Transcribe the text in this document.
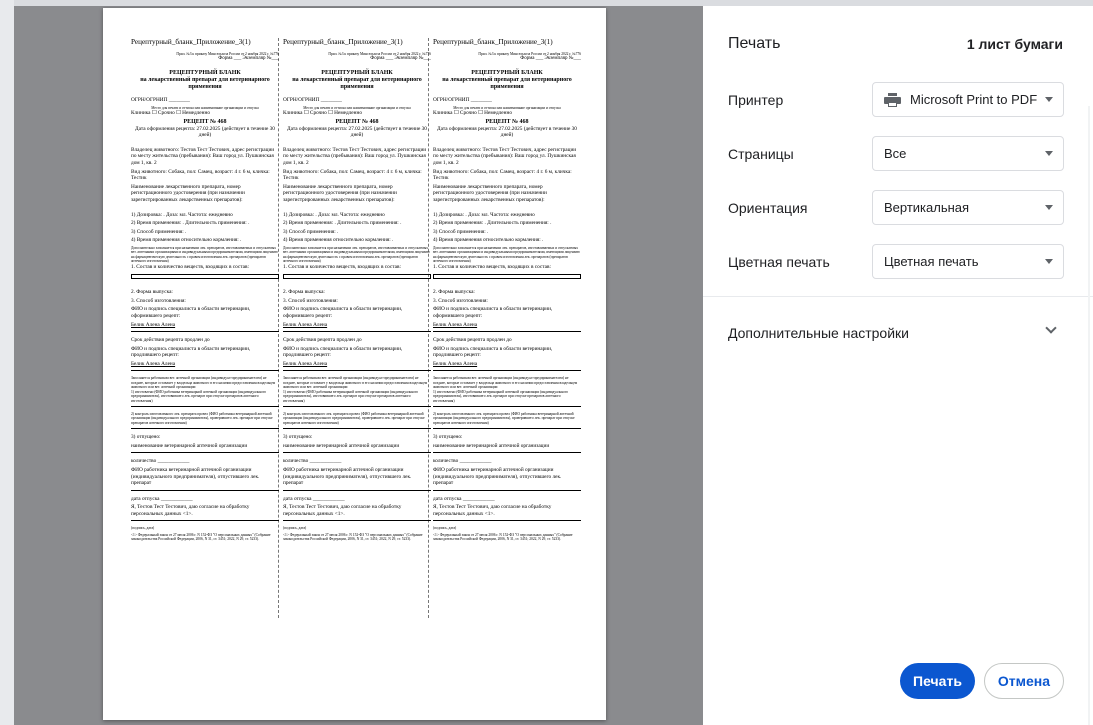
Рецептурный_бланк_Приложение_3(1)
Прил. №3 к приказу Минсельхоза России от 2 ноября 2022 г. №776
Форма ___ Экземпляр №___
РЕЦЕПТУРНЫЙ БЛАНК
на лекарственный препарат для ветеринарного применения

ОГРН/ОГРНИП ________

Место для печати и оттиска или наименование организации и отпуска

Клиника ☐ Срочно ☐ Немедленно

РЕЦЕПТ № 468

Дата оформления рецепта: 27.02.2025 (действует в течение 30 дней)

Владелец животного: Тестов Тест Тестович, адрес регистрации по месту жительства (пребывания): Ваш город ул. Пушкинская дом 1, кв. 2

Вид животного: Собака, пол: Самец, возраст: 4 г. 6 м, кличка: Тестик

Наименование лекарственного препарата, номер регистрационного удостоверения (при назначении зарегистрированных лекарственных препаратов):

1) Дозировка: . Доза: мл. Частота: ежедневно

2) Время применения: . Длительность применения: .

3) Способ применения: .

4) Время применения относительно кормления: .

Дополнительно заполняется при назначении лек. препаратов, изготавливаемых и отпускаемых вет. аптечными организациями и индивидуальными предпринимателями, имеющими лицензию на фармацевтическую деятельность с правом изготовления лек. препаратов (препаратов аптечного изготовления)

1. Состав и количество веществ, входящих в состав:

2. Форма выпуска:

3. Способ изготовления:

ФИО и подпись специалиста в области ветеринарии, оформившего рецепт:

Белик Алена Алена

Срок действия рецепта продлен до

ФИО и подпись специалиста в области ветеринарии, продлившего рецепт:

Белик Алена Алена

Заполняется работником вет. аптечной организации (индивидуал-предпринимателем) не позднее, которые оставляет у владельца животного в его наличии предоставления владельцем животного или вет. аптечной организации:

1) изготовлено (ФИО работника ветеринарной аптечной организации (индивидуального предпринимателя), изготовившего лек. препарат при отпуске препаратов аптечного изготовления)

2) контроль изготовленного лек. препарата провел (ФИО работника ветеринарной аптечной организации (индивидуального предпринимателя), проверившего лек. препарат при отпуске препаратов аптечного изготовления)

3) отпущено:

наименование ветеринарной аптечной организации

количество ____________

ФИО работника ветеринарной аптечной организации (индивидуального предпринимателя), отпустившего лек. препарат

дата отпуска ____________

Я, Тестов Тест Тестович, даю согласие на обработку персональных данных <1>.

(подпись, дата)

<1> Федеральный закон от 27 июля 2006 г. N 152-ФЗ "О персональных данных" (Собрание законодательства Российской Федерации, 2006, N 31, ст. 3451; 2022, N 29, ст. 5233).

Рецептурный_бланк_Приложение_3(1)
Прил. №3 к приказу Минсельхоза России от 2 ноября 2022 г. №776
Форма ___ Экземпляр №___
РЕЦЕПТУРНЫЙ БЛАНК
на лекарственный препарат для ветеринарного применения

ОГРН/ОГРНИП ________

Место для печати и оттиска или наименование организации и отпуска

Клиника ☐ Срочно ☐ Немедленно

РЕЦЕПТ № 468

Дата оформления рецепта: 27.02.2025 (действует в течение 30 дней)

Владелец животного: Тестов Тест Тестович, адрес регистрации по месту жительства (пребывания): Ваш город ул. Пушкинская дом 1, кв. 2

Вид животного: Собака, пол: Самец, возраст: 4 г. 6 м, кличка: Тестик

Наименование лекарственного препарата, номер регистрационного удостоверения (при назначении зарегистрированных лекарственных препаратов):

1) Дозировка: . Доза: мл. Частота: ежедневно

2) Время применения: . Длительность применения: .

3) Способ применения: .

4) Время применения относительно кормления: .

Дополнительно заполняется при назначении лек. препаратов, изготавливаемых и отпускаемых вет. аптечными организациями и индивидуальными предпринимателями, имеющими лицензию на фармацевтическую деятельность с правом изготовления лек. препаратов (препаратов аптечного изготовления)

1. Состав и количество веществ, входящих в состав:

2. Форма выпуска:

3. Способ изготовления:

ФИО и подпись специалиста в области ветеринарии, оформившего рецепт:

Белик Алена Алена

Срок действия рецепта продлен до

ФИО и подпись специалиста в области ветеринарии, продлившего рецепт:

Белик Алена Алена

Заполняется работником вет. аптечной организации (индивидуал-предпринимателем) не позднее, которые оставляет у владельца животного в его наличии предоставления владельцем животного или вет. аптечной организации:

1) изготовлено (ФИО работника ветеринарной аптечной организации (индивидуального предпринимателя), изготовившего лек. препарат при отпуске препаратов аптечного изготовления)

2) контроль изготовленного лек. препарата провел (ФИО работника ветеринарной аптечной организации (индивидуального предпринимателя), проверившего лек. препарат при отпуске препаратов аптечного изготовления)

3) отпущено:

наименование ветеринарной аптечной организации

количество ____________

ФИО работника ветеринарной аптечной организации (индивидуального предпринимателя), отпустившего лек. препарат

дата отпуска ____________

Я, Тестов Тест Тестович, даю согласие на обработку персональных данных <1>.

(подпись, дата)

<1> Федеральный закон от 27 июля 2006 г. N 152-ФЗ "О персональных данных" (Собрание законодательства Российской Федерации, 2006, N 31, ст. 3451; 2022, N 29, ст. 5233).

Рецептурный_бланк_Приложение_3(1)
Прил. №3 к приказу Минсельхоза России от 2 ноября 2022 г. №776
Форма ___ Экземпляр №___
РЕЦЕПТУРНЫЙ БЛАНК
на лекарственный препарат для ветеринарного применения

ОГРН/ОГРНИП ________

Место для печати и оттиска или наименование организации и отпуска

Клиника ☐ Срочно ☐ Немедленно

РЕЦЕПТ № 468

Дата оформления рецепта: 27.02.2025 (действует в течение 30 дней)

Владелец животного: Тестов Тест Тестович, адрес регистрации по месту жительства (пребывания): Ваш город ул. Пушкинская дом 1, кв. 2

Вид животного: Собака, пол: Самец, возраст: 4 г. 6 м, кличка: Тестик

Наименование лекарственного препарата, номер регистрационного удостоверения (при назначении зарегистрированных лекарственных препаратов):

1) Дозировка: . Доза: мл. Частота: ежедневно

2) Время применения: . Длительность применения: .

3) Способ применения: .

4) Время применения относительно кормления: .

Дополнительно заполняется при назначении лек. препаратов, изготавливаемых и отпускаемых вет. аптечными организациями и индивидуальными предпринимателями, имеющими лицензию на фармацевтическую деятельность с правом изготовления лек. препаратов (препаратов аптечного изготовления)

1. Состав и количество веществ, входящих в состав:

2. Форма выпуска:

3. Способ изготовления:

ФИО и подпись специалиста в области ветеринарии, оформившего рецепт:

Белик Алена Алена

Срок действия рецепта продлен до

ФИО и подпись специалиста в области ветеринарии, продлившего рецепт:

Белик Алена Алена

Заполняется работником вет. аптечной организации (индивидуал-предпринимателем) не позднее, которые оставляет у владельца животного в его наличии предоставления владельцем животного или вет. аптечной организации:

1) изготовлено (ФИО работника ветеринарной аптечной организации (индивидуального предпринимателя), изготовившего лек. препарат при отпуске препаратов аптечного изготовления)

2) контроль изготовленного лек. препарата провел (ФИО работника ветеринарной аптечной организации (индивидуального предпринимателя), проверившего лек. препарат при отпуске препаратов аптечного изготовления)

3) отпущено:

наименование ветеринарной аптечной организации

количество ____________

ФИО работника ветеринарной аптечной организации (индивидуального предпринимателя), отпустившего лек. препарат

дата отпуска ____________

Я, Тестов Тест Тестович, даю согласие на обработку персональных данных <1>.

(подпись, дата)

<1> Федеральный закон от 27 июля 2006 г. N 152-ФЗ "О персональных данных" (Собрание законодательства Российской Федерации, 2006, N 31, ст. 3451; 2022, N 29, ст. 5233).

Печать	1 лист бумаги
Принтер	Microsoft Print to PDF
Страницы	Все
Ориентация	Вертикальная
Цветная печать	Цветная печать
Дополнительные настройки
Печать	Отмена
